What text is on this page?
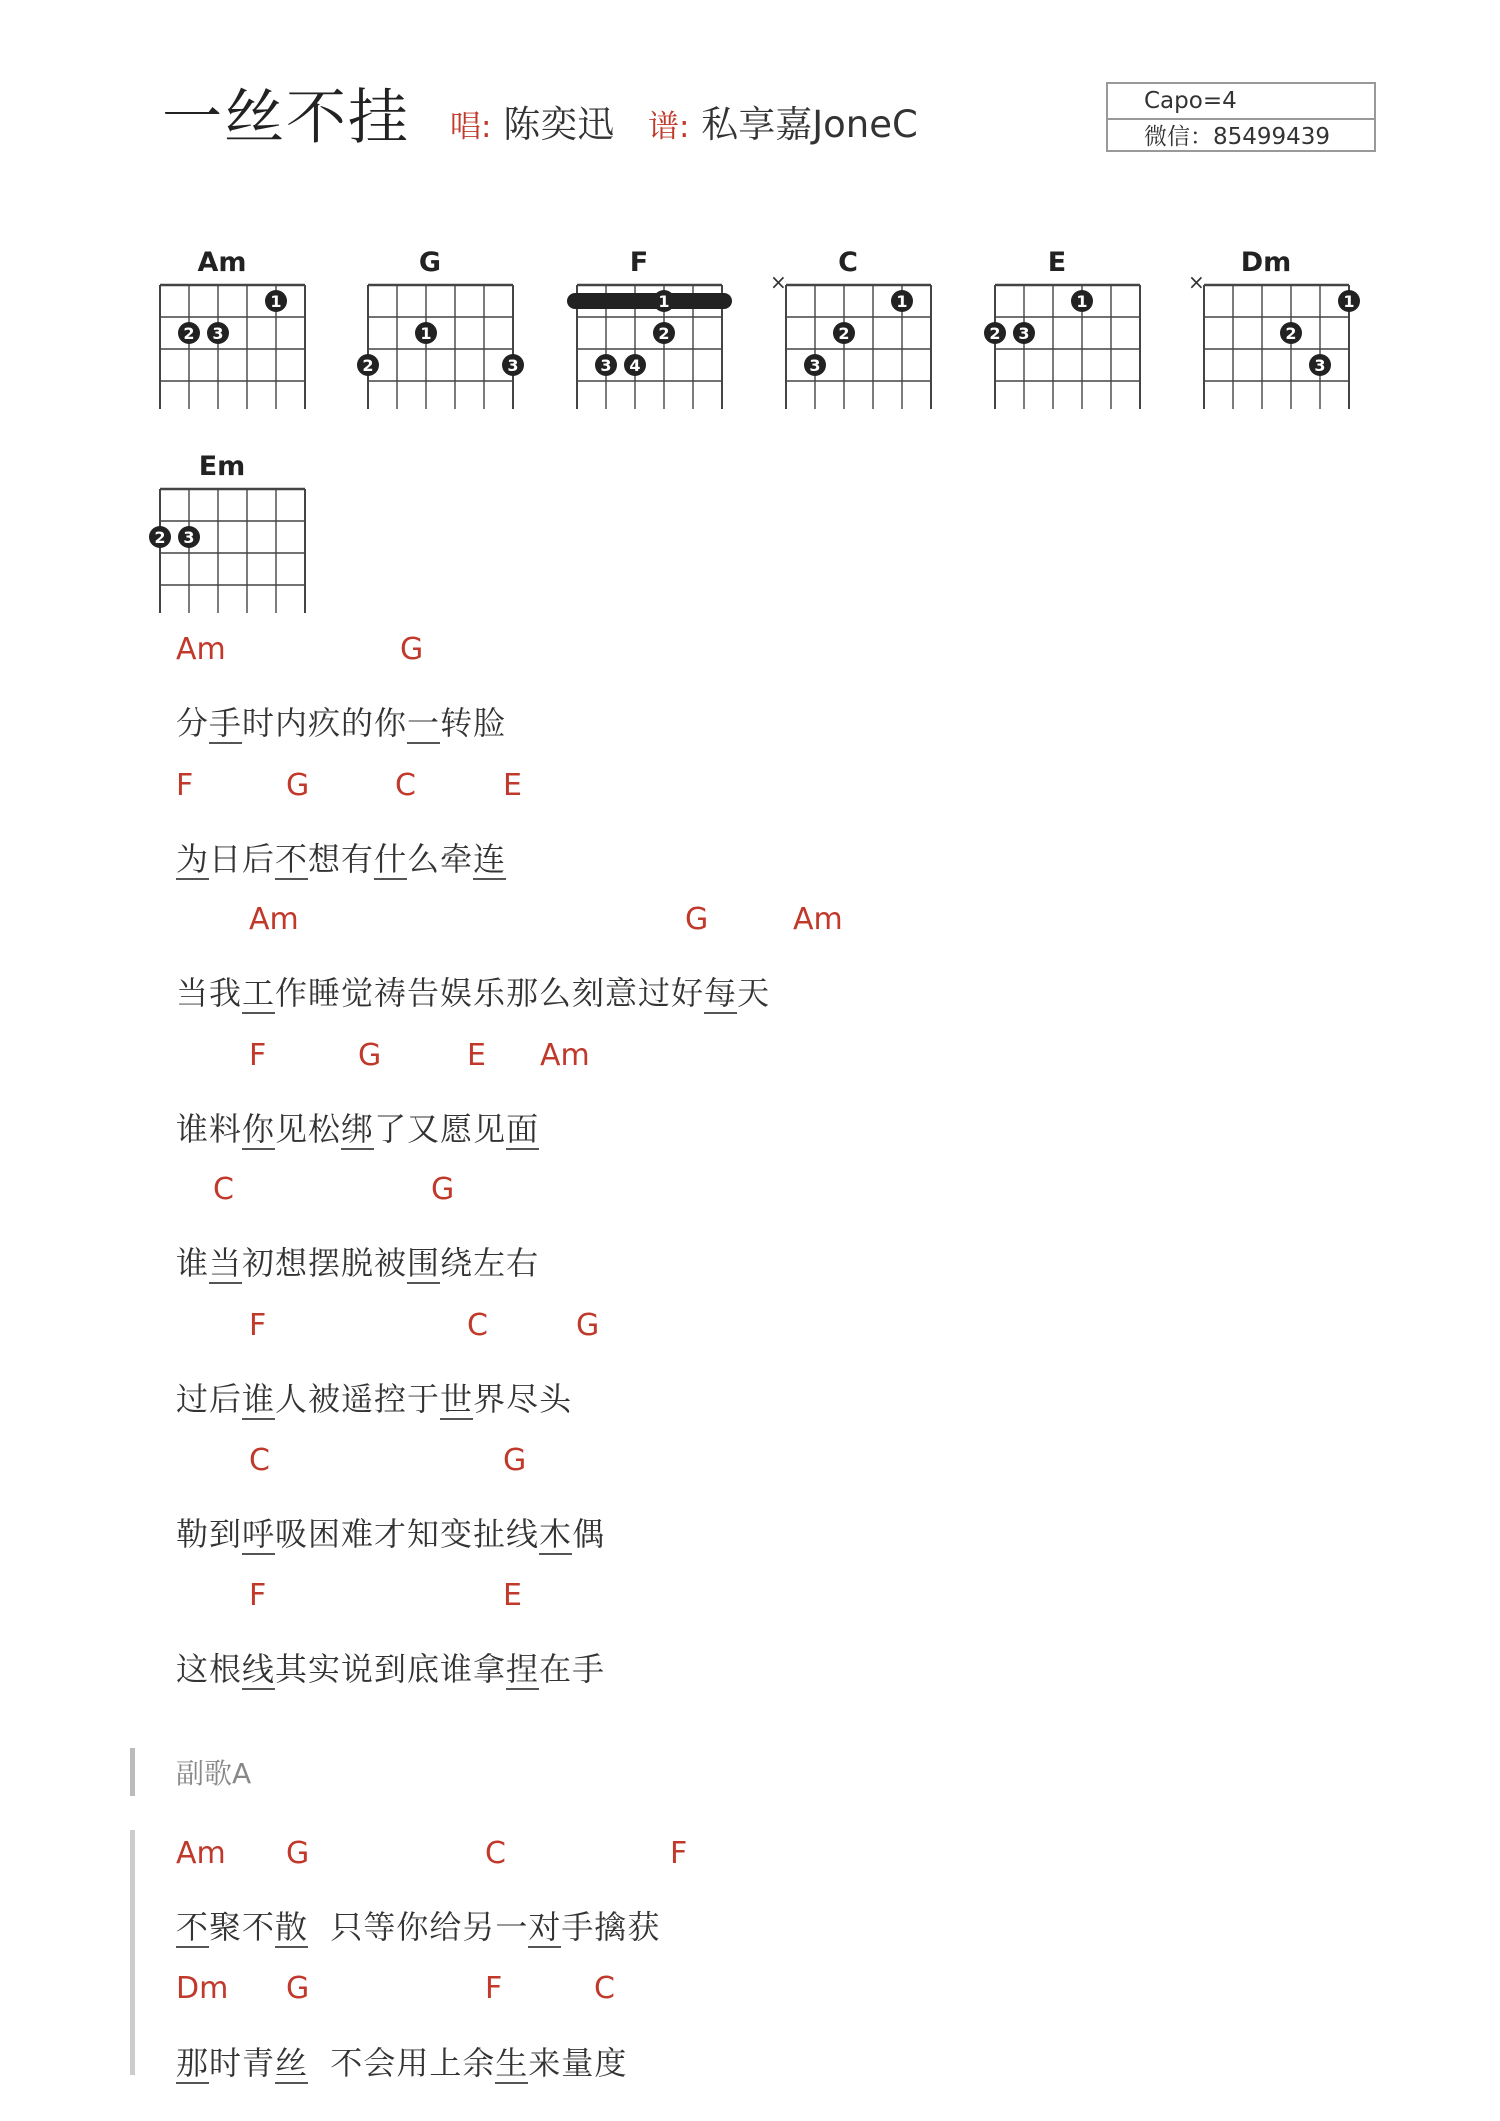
一丝不挂 唱: 陈奕迅 谱: 私享嘉JoneC
Capo=4
微信：85499439
Am
1
2 3
G
1
2	3
F
1
2
3 4
C
×
1
2
3
E
1
2 3
Dm
×
1
2
3
Em
2 3
Am	G
分手时内疚的你一转脸
F	G	C	E
为日后不想有什么牵连
Am	G	Am
当我工作睡觉祷告娱乐那么刻意过好每天
F	G	E Am
谁料你见松绑了又愿见面
C	G
谁当初想摆脱被围绕左右
F	C	G
过后谁人被遥控于世界尽头
C	G
勒到呼吸困难才知变扯线木偶
F	E
这根线其实说到底谁拿捏在手
Am G	C	F
不聚不散  只等你给另一对手擒获
Dm G	F	C
那时青丝  不会用上余生来量度
副歌A
